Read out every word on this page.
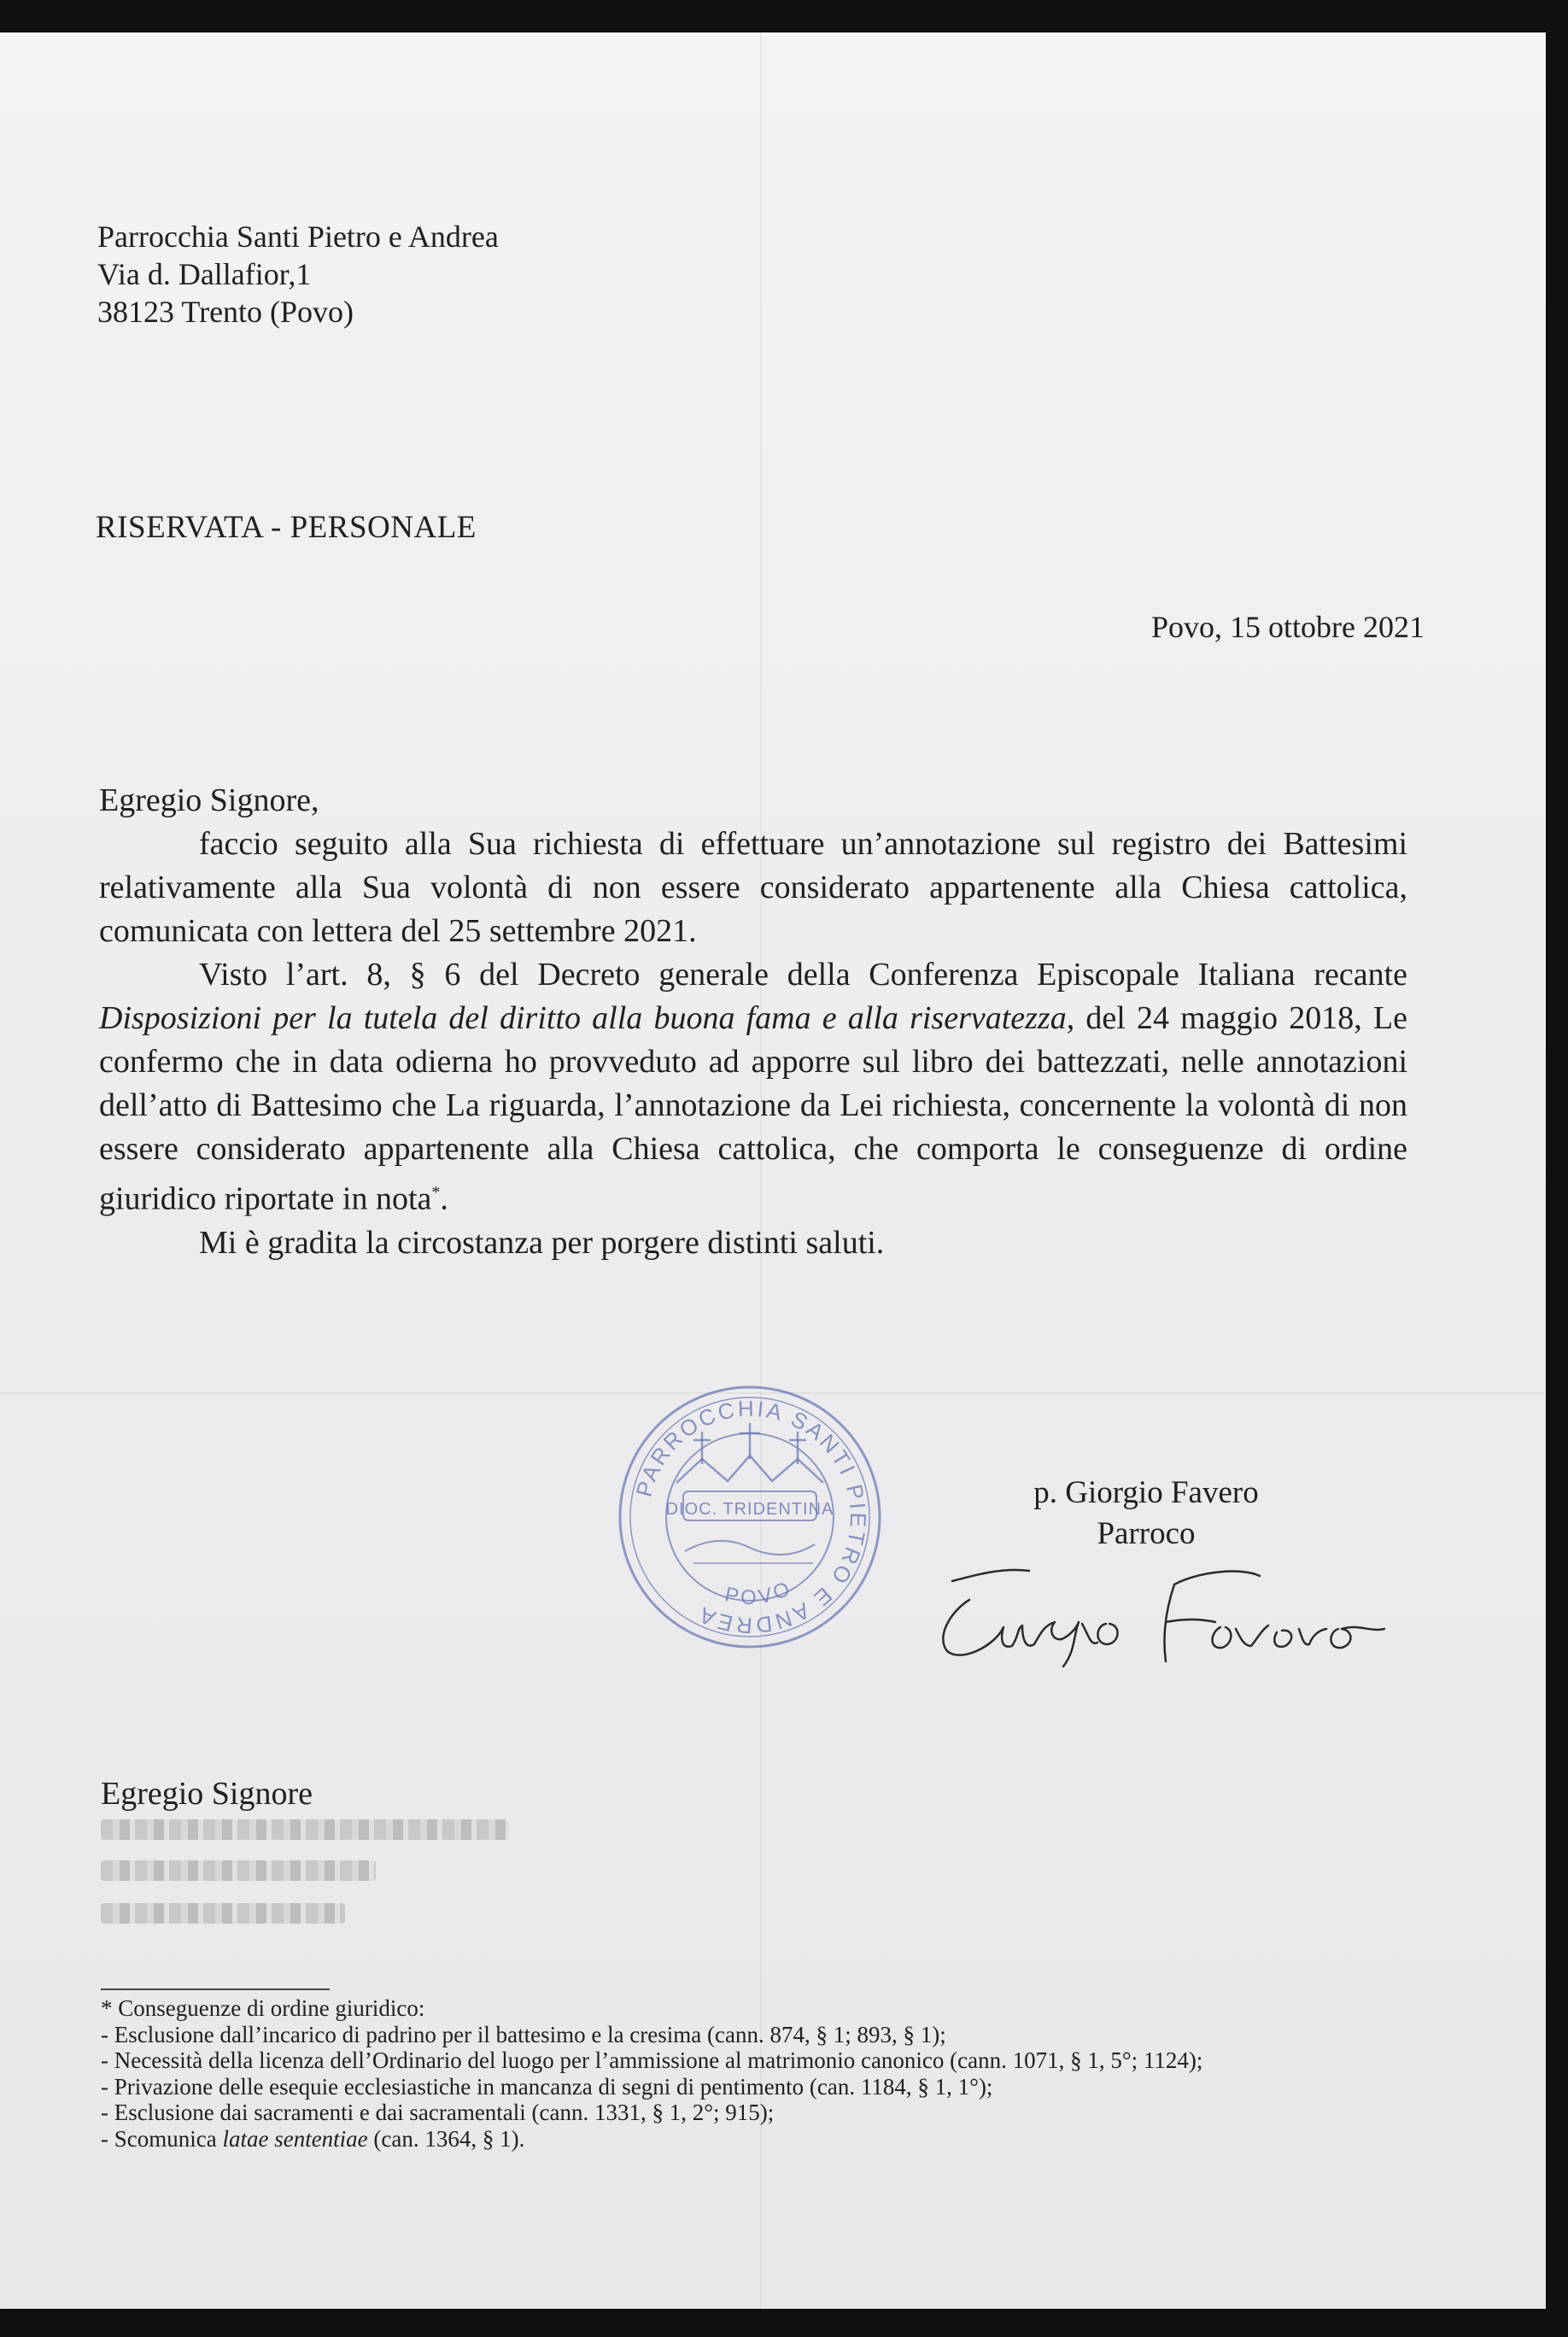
Parrocchia Santi Pietro e Andrea
Via d. Dallafior,1
38123 Trento (Povo)
RISERVATA - PERSONALE
Povo, 15 ottobre 2021

Egregio Signore,

faccio seguito alla Sua richiesta di effettuare un’annotazione sul registro dei Battesimi relativamente alla Sua volontà di non essere considerato appartenente alla Chiesa cattolica, comunicata con lettera del 25 settembre 2021.

Visto l’art. 8, § 6 del Decreto generale della Conferenza Episcopale Italiana recante Disposizioni per la tutela del diritto alla buona fama e alla riservatezza, del 24 maggio 2018, Le confermo che in data odierna ho provveduto ad apporre sul libro dei battezzati, nelle annotazioni dell’atto di Battesimo che La riguarda, l’annotazione da Lei richiesta, concernente la volontà di non essere considerato appartenente alla Chiesa cattolica, che comporta le conseguenze di ordine giuridico riportate in nota*.

Mi è gradita la circostanza per porgere distinti saluti.

PARROCCHIA SANTI PIETRO E ANDREA
DIOC. TRIDENTINA
POVO
p. Giorgio Favero
Parroco
Egregio Signore
* Conseguenze di ordine giuridico:
- Esclusione dall’incarico di padrino per il battesimo e la cresima (cann. 874, § 1; 893, § 1);
- Necessità della licenza dell’Ordinario del luogo per l’ammissione al matrimonio canonico (cann. 1071, § 1, 5°; 1124);
- Privazione delle esequie ecclesiastiche in mancanza di segni di pentimento (can. 1184, § 1, 1°);
- Esclusione dai sacramenti e dai sacramentali (cann. 1331, § 1, 2°; 915);
- Scomunica latae sententiae (can. 1364, § 1).
